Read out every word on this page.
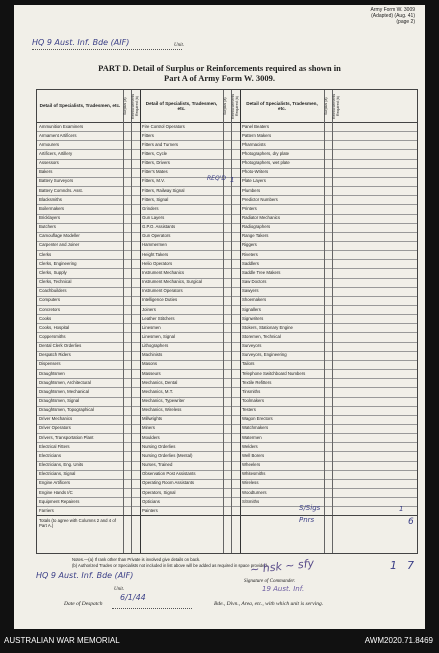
Army Form W. 3009
(Adapted) (Aug. 41)
(page 2)
HQ 9 Aust. Inf. Bde (AIF)	Unit.
PART D. Detail of Surplus or Reinforcements required as shown in
Part A of Army Form W. 3009.
Detail of Specialists, Tradesmen, etc. Surplus (a)	Reinforcements Required (b)	Detail of Specialists, Tradesmen, etc.	Surplus (a)	Reinforcements Required (b)	Detail of Specialists, Tradesmen, etc.	Surplus (a)	Reinforcements Required (b)
Ammunition Examiners
Armament Artificers
Armourers
Artificers, Artillery
Assessors
Bakers
Battery Surveyors
Battery Comndrs. Asst.
Blacksmiths
Boilermakers
Bricklayers
Butchers
Camouflage Modeller
Carpenter and Joiner
Clerks
Clerks, Engineering
Clerks, Supply
Clerks, Technical
Coachbuilders
Computers
Concretors
Cooks
Cooks, Hospital
Coppersmiths
Dental Clerk Orderlies
Despatch Riders
Dispensers
Draughtsmen
Draughtsmen, Architectural
Draughtsmen, Mechanical
Draughtsmen, Signal
Draughtsmen, Topographical
Driver Mechanics
Driver Operators
Drivers, Transportation Plant
Electrical Fitters
Electricians
Electricians, Eng. Units
Electricians, Signal
Engine Artificers
Engine Hands I/C
Equipment Repairers
Farriers
Fire Control Operators
Fitters
Fitters and Turners
Fitters, Cycle
Fitters, Drivers
Fitter's Mates
Fitters, M.V.
Fitters, Railway Signal
Fitters, Signal
Grinders
Gun Layers
G.P.O. Assistants
Gun Operators
Hammermen
Height Takers
Helio Operators
Instrument Mechanics
Instrument Mechanics, Surgical
Instrument Operators
Intelligence Duties
Joiners
Leather Stitchers
Linesmen
Linesmen, Signal
Lithographers
Machinists
Masons
Masseurs
Mechanics, Dental
Mechanics, M.T.
Mechanics, Typewriter
Mechanics, Wireless
Millwrights
Miners
Moulders
Nursing Orderlies
Nursing Orderlies (Mental)
Nurses, Trained
Observation Post Assistants
Operating Room Assistants
Operators, Signal
Opticians
Painters
Panel Beaters
Pattern Makers
Pharmacists
Photographers, dry plate
Photographers, wet plate
Photo-Writers
Plate Layers
Plumbers
Predictor Numbers
Printers
Radiator Mechanics
Radiographers
Range Takers
Riggers
Riveters
Saddlers
Saddle Tree Makers
Saw Doctors
Sawyers
Shoemakers
Signallers
Signwriters
Stokers, Stationary Engine
Storemen, Technical
Surveyors
Surveyors, Engineering
Tailors
Telephone Switchboard Numbers
Textile Refitters
Tinsmiths
Toolmakers
Testers
Wagon Erectors
Watchmakers
Watermen
Welders
Well Borers
Wheelers
Whitesmiths
Wireless
Woodturners
S/Smiths
Totals (to agree with Columns 2 and 4 of Part A.)
REQ'D 1
S/Sigs	1
Pnrs	6
1 7
Notes.—(a) If rank other than Private is involved give details on back.
(b) Authorized Trades or Specialists not included in list above will be added as required in space provided.
HQ 9 Aust. Inf. Bde (AIF)
Unit.
~ hsk ~ sfy
Signature of Commander.
19 Aust. Inf.
Date of Despatch
6/1/44
Bde., Divn., Area, etc., with which unit is serving.
AUSTRALIAN WAR MEMORIAL	AWM2020.71.8469
